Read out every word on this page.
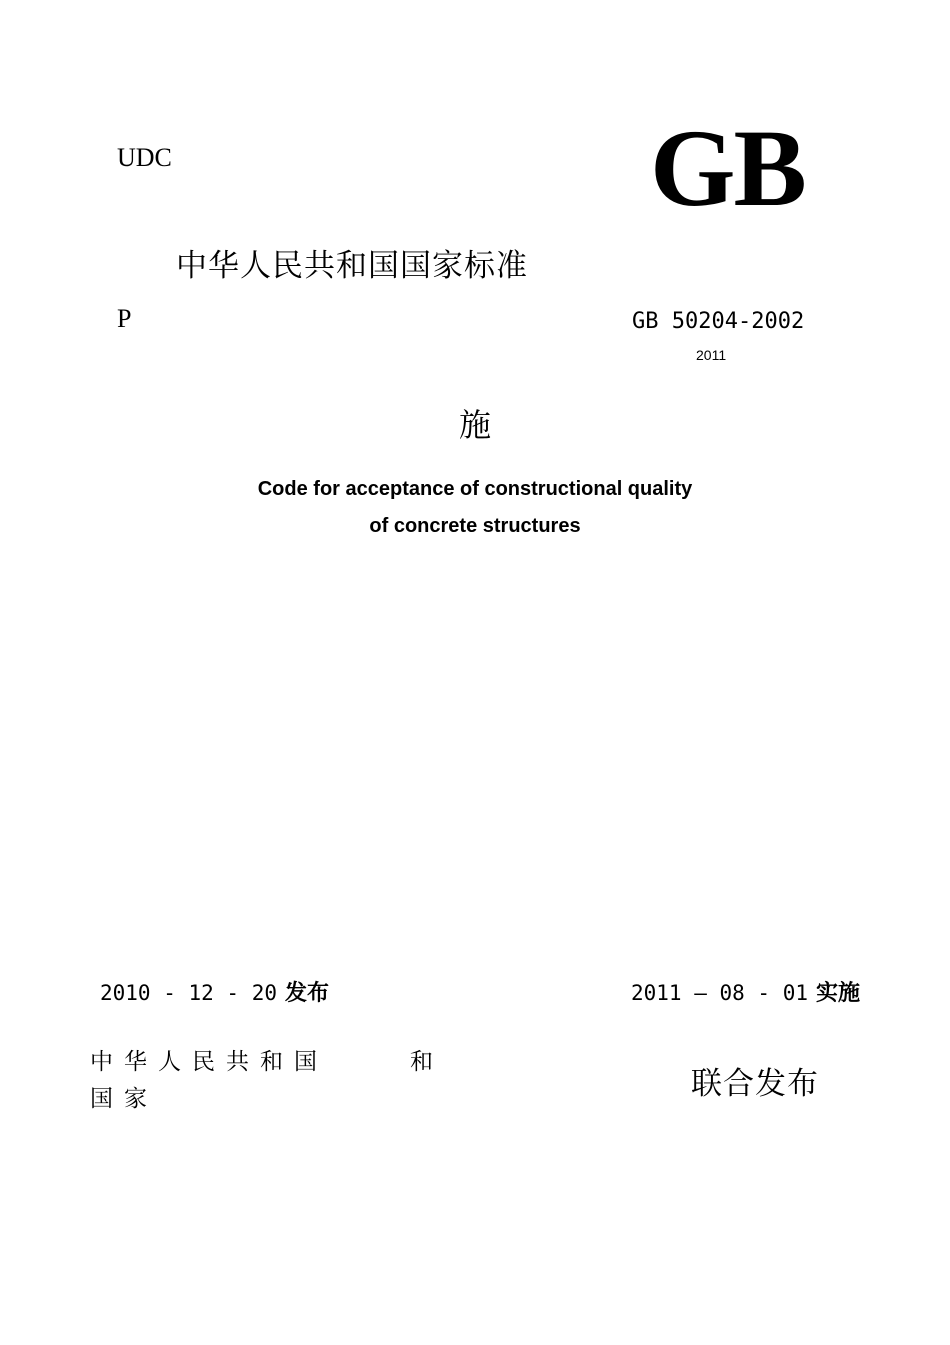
UDC	GB
中华人民共和国国家标准
P	GB 50204-2002
2011
施
Code for acceptance of constructional quality
of concrete structures
2010 - 12 - 20 发布	2011 — 08 - 01 实施
中华人民共和国	和
国家	联合发布
